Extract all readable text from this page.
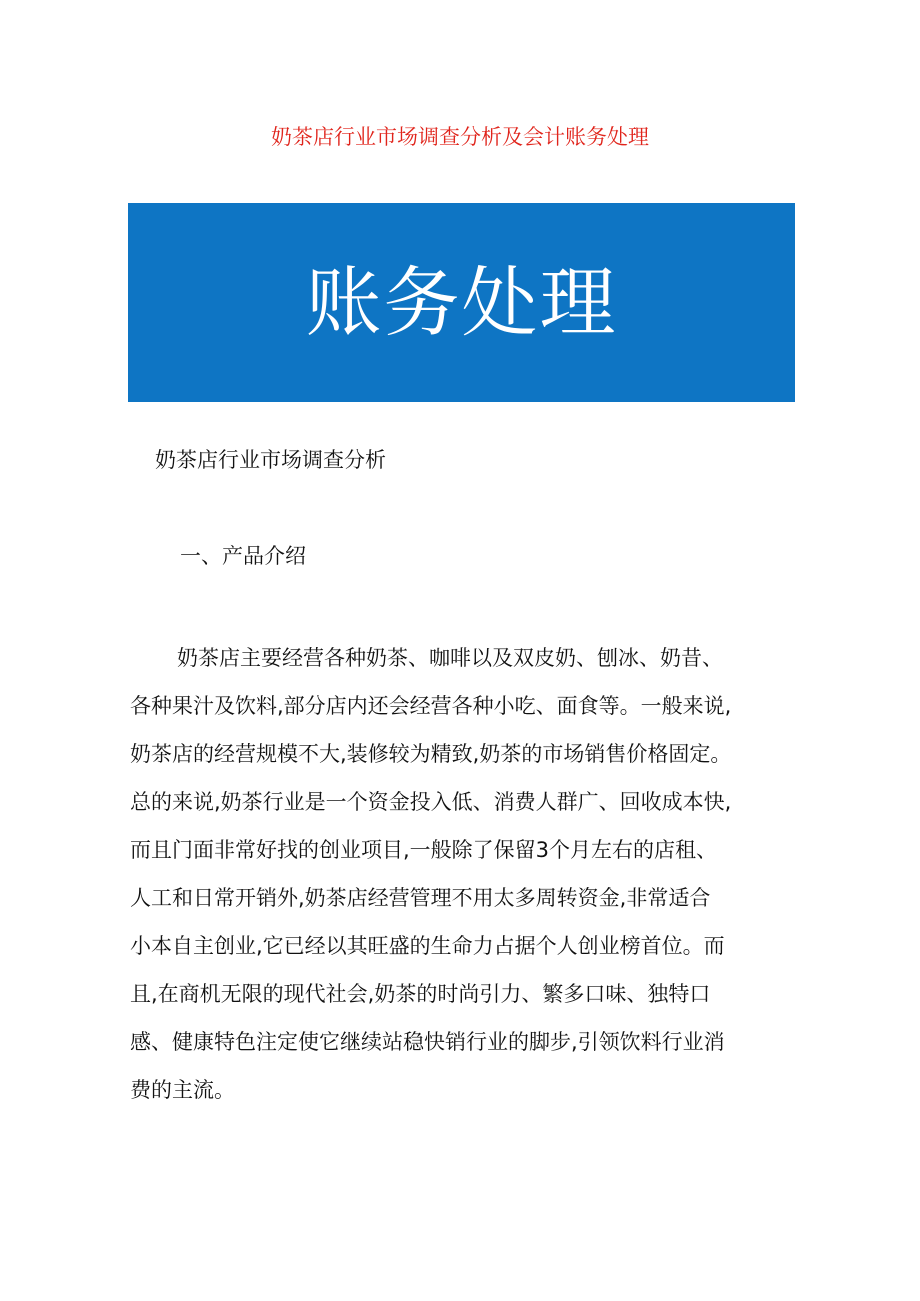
奶茶店行业市场调查分析及会计账务处理
账务处理
奶茶店行业市场调查分析
一、产品介绍
奶茶店主要经营各种奶茶、咖啡以及双皮奶、刨冰、奶昔、
各种果汁及饮料,部分店内还会经营各种小吃、面食等。一般来说,
奶茶店的经营规模不大,装修较为精致,奶茶的市场销售价格固定。
总的来说,奶茶行业是一个资金投入低、消费人群广、回收成本快,
而且门面非常好找的创业项目,一般除了保留3个月左右的店租、
人工和日常开销外,奶茶店经营管理不用太多周转资金,非常适合
小本自主创业,它已经以其旺盛的生命力占据个人创业榜首位。而
且,在商机无限的现代社会,奶茶的时尚引力、繁多口味、独特口
感、健康特色注定使它继续站稳快销行业的脚步,引领饮料行业消
费的主流。
